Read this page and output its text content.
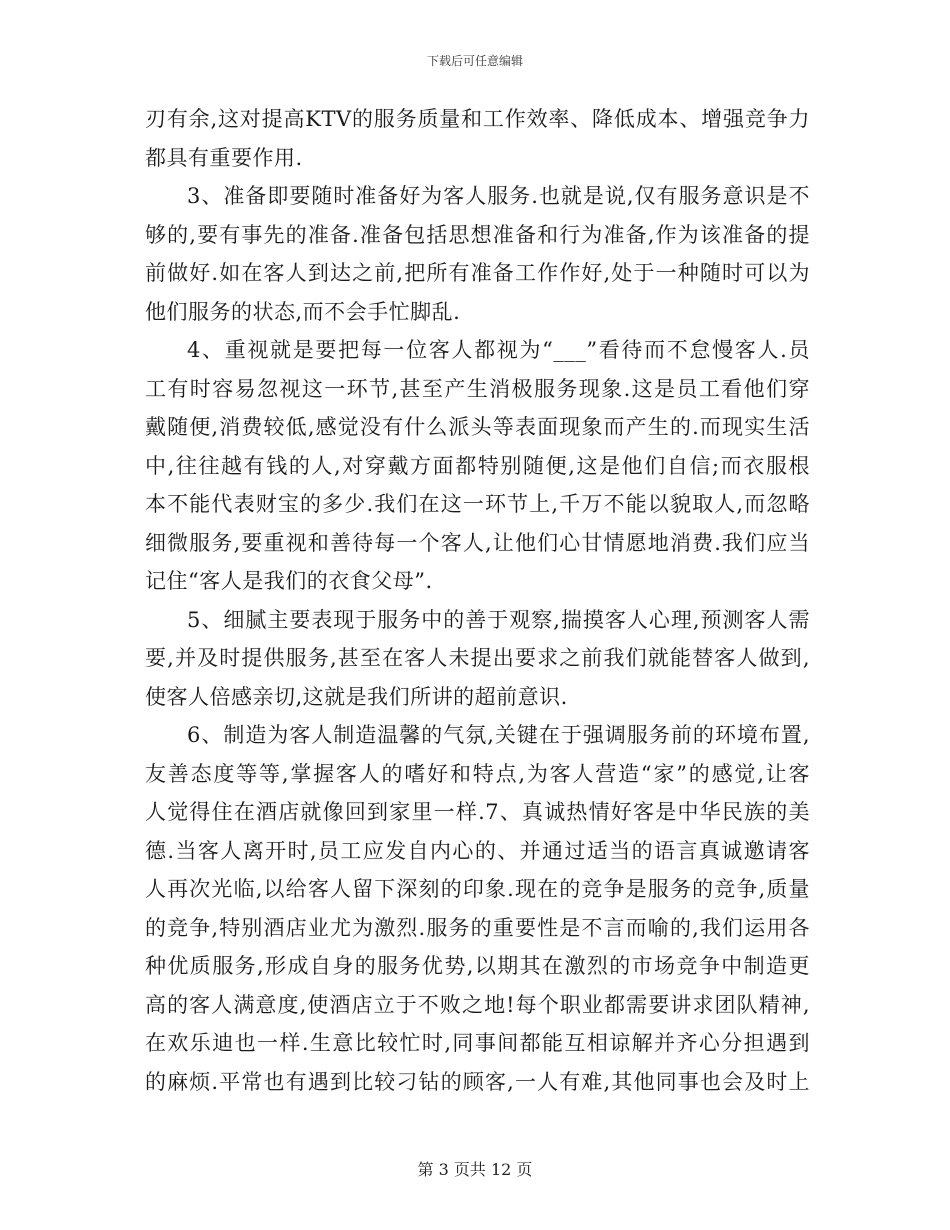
下载后可任意编辑
刃有余,这对提高KTV的服务质量和工作效率、降低成本、增强竞争力
都具有重要作用.
3、准备即要随时准备好为客人服务.也就是说,仅有服务意识是不
够的,要有事先的准备.准备包括思想准备和行为准备,作为该准备的提
前做好.如在客人到达之前,把所有准备工作作好,处于一种随时可以为
他们服务的状态,而不会手忙脚乱.
4、重视就是要把每一位客人都视为“___”看待而不怠慢客人.员
工有时容易忽视这一环节,甚至产生消极服务现象.这是员工看他们穿
戴随便,消费较低,感觉没有什么派头等表面现象而产生的.而现实生活
中,往往越有钱的人,对穿戴方面都特别随便,这是他们自信;而衣服根
本不能代表财宝的多少.我们在这一环节上,千万不能以貌取人,而忽略
细微服务,要重视和善待每一个客人,让他们心甘情愿地消费.我们应当
记住“客人是我们的衣食父母”.
5、细腻主要表现于服务中的善于观察,揣摸客人心理,预测客人需
要,并及时提供服务,甚至在客人未提出要求之前我们就能替客人做到,
使客人倍感亲切,这就是我们所讲的超前意识.
6、制造为客人制造温馨的气氛,关键在于强调服务前的环境布置,
友善态度等等,掌握客人的嗜好和特点,为客人营造“家”的感觉,让客
人觉得住在酒店就像回到家里一样.7、真诚热情好客是中华民族的美
德.当客人离开时,员工应发自内心的、并通过适当的语言真诚邀请客
人再次光临,以给客人留下深刻的印象.现在的竞争是服务的竞争,质量
的竞争,特别酒店业尤为激烈.服务的重要性是不言而喻的,我们运用各
种优质服务,形成自身的服务优势,以期其在激烈的市场竞争中制造更
高的客人满意度,使酒店立于不败之地!每个职业都需要讲求团队精神,
在欢乐迪也一样.生意比较忙时,同事间都能互相谅解并齐心分担遇到
的麻烦.平常也有遇到比较刁钻的顾客,一人有难,其他同事也会及时上
第 3 页共 12 页
